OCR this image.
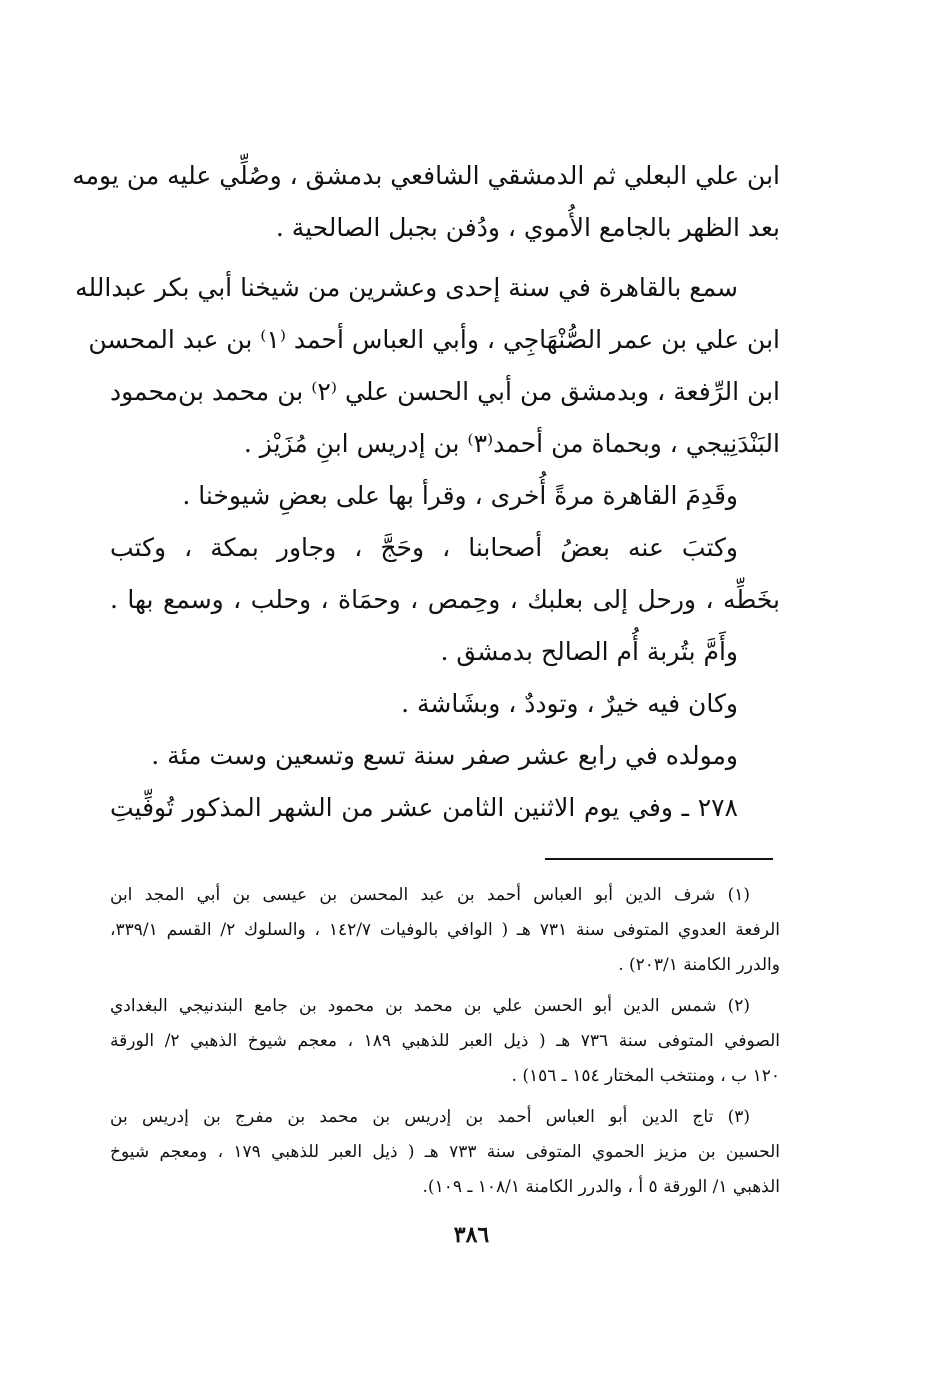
ابن علي البعلي ثم الدمشقي الشافعي بدمشق ، وصُلِّي عليه من يومه
بعد الظهر بالجامع الأُموي ، ودُفن بجبل الصالحية .

سمع بالقاهرة في سنة إحدى وعشرين من شيخنا أبي بكر عبدالله
ابن علي بن عمر الصُّنْهَاجِي ، وأبي العباس أحمد ⁽١⁾ بن عبد المحسن
ابن الرِّفعة ، وبدمشق من أبي الحسن علي ⁽٢⁾ بن محمد بن‌محمود
البَنْدَنِيجي ، وبحماة من أحمد⁽٣⁾ بن إدريس ابنِ مُزَيْز .

وقَدِمَ القاهرة مرةً أُخرى ، وقرأ بها على بعضِ شيوخنا .

وكتبَ عنه بعضُ أصحابنا ، وحَجَّ ، وجاور بمكة ، وكتب
بخَطِّه ، ورحل إلى بعلبك ، وحِمص ، وحمَاة ، وحلب ، وسمع بها .

وأَمَّ بتُربة أُم الصالح بدمشق .

وكان فيه خيرٌ ، وتوددٌ ، وبشَاشة .

ومولده في رابع عشر صفر سنة تسع وتسعين وست مئة .

٢٧٨ ـ وفي يوم الاثنين الثامن عشر من الشهر المذكور تُوفِّيتِ

(١) شرف الدين أبو العباس أحمد بن عبد المحسن بن عيسى بن أبي المجد ابن
الرفعة العدوي المتوفى سنة ٧٣١ هـ ( الوافي بالوفيات ١٤٢/٧ ، والسلوك ٢/ القسم ٣٣٩/١،
والدرر الكامنة ٢٠٣/١) .
(٢) شمس الدين أبو الحسن علي بن محمد بن محمود بن جامع البندنيجي البغدادي
الصوفي المتوفى سنة ٧٣٦ هـ ( ذيل العبر للذهبي ١٨٩ ، معجم شيوخ الذهبي ٢/ الورقة
١٢٠ ب ، ومنتخب المختار ١٥٤ ـ ١٥٦) .
(٣) تاج الدين أبو العباس أحمد بن إدريس بن محمد بن مفرج بن إدريس بن
الحسين بن مزيز الحموي المتوفى سنة ٧٣٣ هـ ( ذيل العبر للذهبي ١٧٩ ، ومعجم شيوخ
الذهبي ١/ الورقة ٥ أ ، والدرر الكامنة ١٠٨/١ ـ ١٠٩).
٣٨٦
